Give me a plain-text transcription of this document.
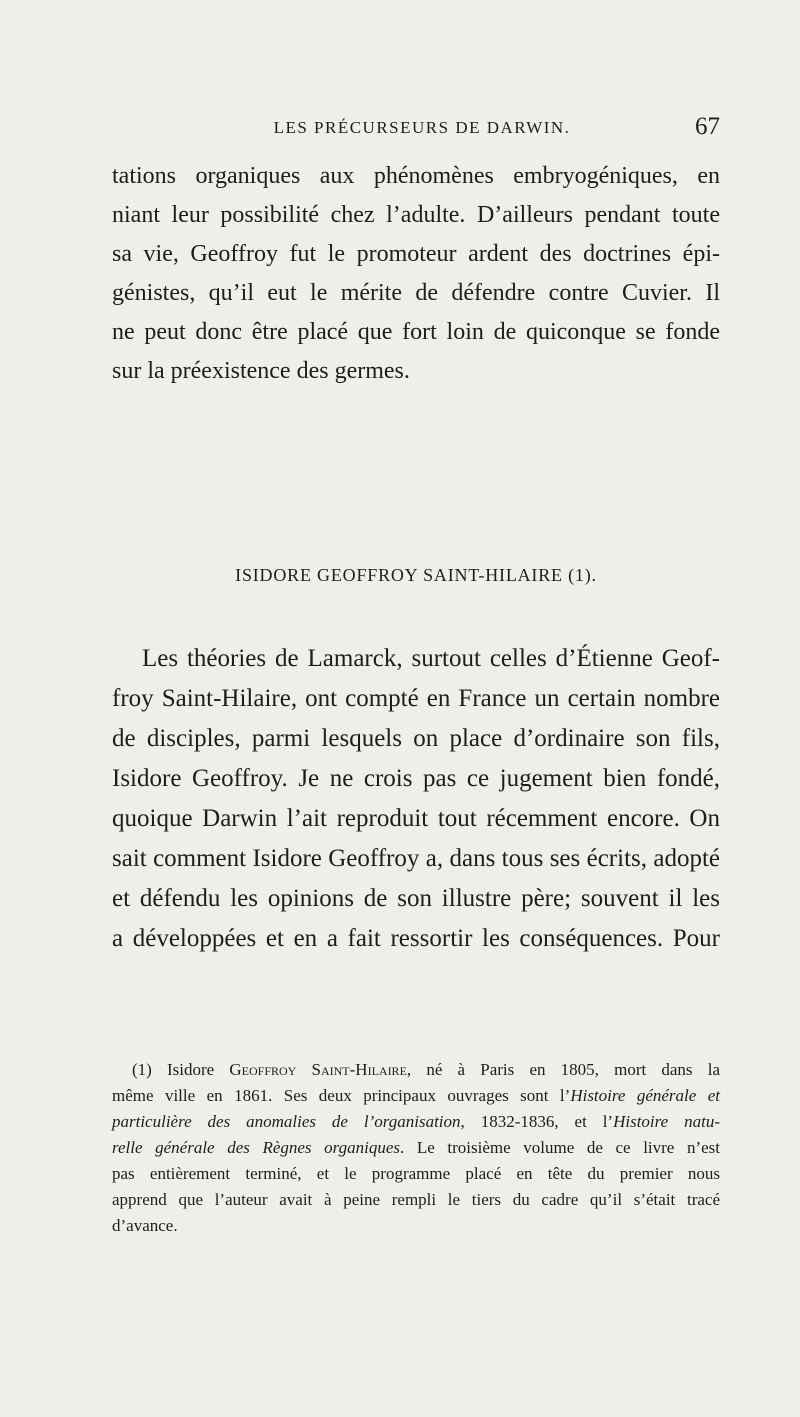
LES PRÉCURSEURS DE DARWIN.	67
tations organiques aux phénomènes embryogéniques, en
niant leur possibilité chez l’adulte. D’ailleurs pendant toute
sa vie, Geoffroy fut le promoteur ardent des doctrines épi-
génistes, qu’il eut le mérite de défendre contre Cuvier. Il
ne peut donc être placé que fort loin de quiconque se fonde
sur la préexistence des germes.
ISIDORE GEOFFROY SAINT-HILAIRE (1).
Les théories de Lamarck, surtout celles d’Étienne Geof-
froy Saint-Hilaire, ont compté en France un certain nombre
de disciples, parmi lesquels on place d’ordinaire son fils,
Isidore Geoffroy. Je ne crois pas ce jugement bien fondé,
quoique Darwin l’ait reproduit tout récemment encore. On
sait comment Isidore Geoffroy a, dans tous ses écrits, adopté
et défendu les opinions de son illustre père; souvent il les
a développées et en a fait ressortir les conséquences. Pour
(1) Isidore Geoffroy Saint-Hilaire, né à Paris en 1805, mort dans la
même ville en 1861. Ses deux principaux ouvrages sont l’Histoire générale et
particulière des anomalies de l’organisation, 1832-1836, et l’Histoire natu-
relle générale des Règnes organiques. Le troisième volume de ce livre n’est
pas entièrement terminé, et le programme placé en tête du premier nous
apprend que l’auteur avait à peine rempli le tiers du cadre qu’il s’était tracé
d’avance.
